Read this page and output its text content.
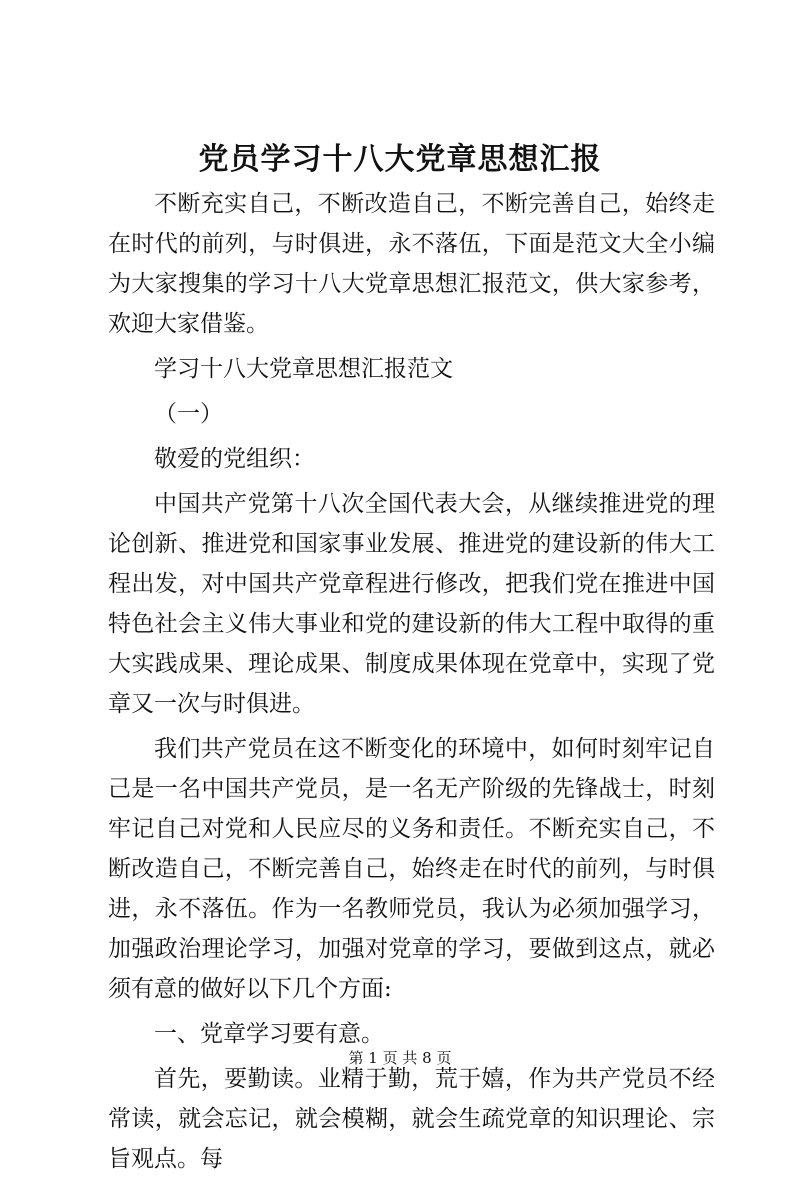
党员学习十八大党章思想汇报

不断充实自己，不断改造自己，不断完善自己，始终走在时代的前列，与时俱进，永不落伍，下面是范文大全小编为大家搜集的学习十八大党章思想汇报范文，供大家参考，欢迎大家借鉴。

学习十八大党章思想汇报范文

（一）

敬爱的党组织：

中国共产党第十八次全国代表大会，从继续推进党的理论创新、推进党和国家事业发展、推进党的建设新的伟大工程出发，对中国共产党章程进行修改，把我们党在推进中国特色社会主义伟大事业和党的建设新的伟大工程中取得的重大实践成果、理论成果、制度成果体现在党章中，实现了党章又一次与时俱进。

我们共产党员在这不断变化的环境中，如何时刻牢记自己是一名中国共产党员，是一名无产阶级的先锋战士，时刻牢记自己对党和人民应尽的义务和责任。不断充实自己，不断改造自己，不断完善自己，始终走在时代的前列，与时俱进，永不落伍。作为一名教师党员，我认为必须加强学习，加强政治理论学习，加强对党章的学习，要做到这点，就必须有意的做好以下几个方面:

一、党章学习要有意。

首先，要勤读。业精于勤，荒于嬉，作为共产党员不经常读，就会忘记，就会模糊，就会生疏党章的知识理论、宗旨观点。每

第 1 页 共 8 页
